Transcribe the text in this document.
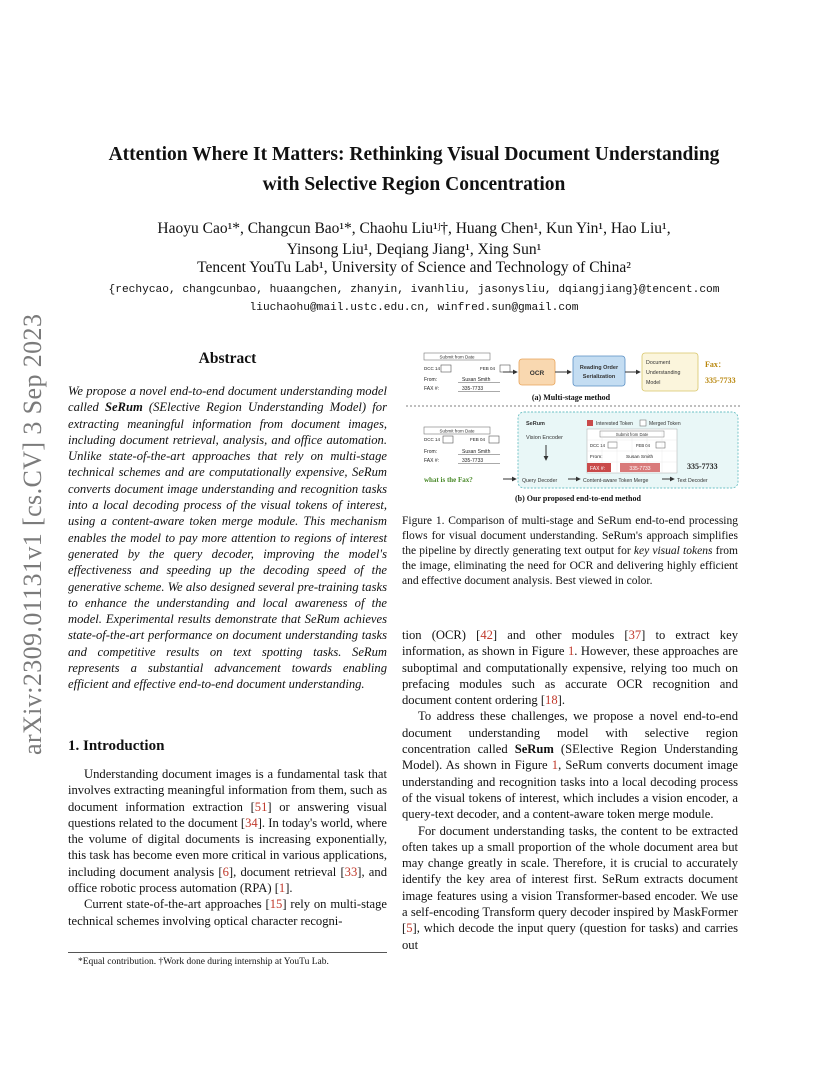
Attention Where It Matters: Rethinking Visual Document Understanding
with Selective Region Concentration
Haoyu Cao¹*, Changcun Bao¹*, Chaohu Liu¹ʲ†, Huang Chen¹, Kun Yin¹, Hao Liu¹,
Yinsong Liu¹, Deqiang Jiang¹, Xing Sun¹
Tencent YouTu Lab¹, University of Science and Technology of China²
{rechycao, changcunbao, huaangchen, zhanyin, ivanhliu, jasonysliu, dqiangjiang}@tencent.com
liuchaohu@mail.ustc.edu.cn, winfred.sun@gmail.com
arXiv:2309.01131v1 [cs.CV] 3 Sep 2023	Abstract
We propose a novel end-to-end document understanding model called SeRum (SElective Region Understanding Model) for extracting meaningful information from document images, including document retrieval, analysis, and office automation. Unlike state-of-the-art approaches that rely on multi-stage technical schemes and are computationally expensive, SeRum converts document image understanding and recognition tasks into a local decoding process of the visual tokens of interest, using a content-aware token merge module. This mechanism enables the model to pay more attention to regions of interest generated by the query decoder, improving the model's effectiveness and speeding up the decoding speed of the generative scheme. We also designed several pre-training tasks to enhance the understanding and local awareness of the model. Experimental results demonstrate that SeRum achieves state-of-the-art performance on document understanding tasks and competitive results on text spotting tasks. SeRum represents a substantial advancement towards enabling efficient and effective end-to-end document understanding.
1. Introduction

Understanding document images is a fundamental task that involves extracting meaningful information from them, such as document information extraction [51] or answering visual questions related to the document [34]. In today's world, where the volume of digital documents is increasing exponentially, this task has become even more critical in various applications, including document analysis [6], document retrieval [33], and office robotic process automation (RPA) [1].

Current state-of-the-art approaches [15] rely on multi-stage technical schemes involving optical character recogni-

*Equal contribution. †Work done during internship at YouTu Lab.
Submit from Date
DCC 14	FEB 04
From:	Susan Smith
FAX #:	335-7733
OCR
Reading Order
Serialization
Document
Understanding
Model
Fax：
335-7733
(a) Multi-stage method
Submit from Date
DCC 14	FEB 04
From:	Susan Smith
FAX #:	335-7733
what is the Fax?
SeRum	Interested Token	Merged Token
Vision Encoder
Submit from Date
DCC 14	FEB 04
From:	Susan Smith
FAX #:	335-7733	335-7733
Query Decoder	Content-aware Token Merge	Text Decoder
(b) Our proposed end-to-end method
Figure 1. Comparison of multi-stage and SeRum end-to-end processing flows for visual document understanding. SeRum's approach simplifies the pipeline by directly generating text output for key visual tokens from the image, eliminating the need for OCR and delivering highly efficient and effective document analysis. Best viewed in color.

tion (OCR) [42] and other modules [37] to extract key information, as shown in Figure 1. However, these approaches are suboptimal and computationally expensive, relying too much on prefacing modules such as accurate OCR recognition and document content ordering [18].

To address these challenges, we propose a novel end-to-end document understanding model with selective region concentration called SeRum (SElective Region Understanding Model). As shown in Figure 1, SeRum converts document image understanding and recognition tasks into a local decoding process of the visual tokens of interest, which includes a vision encoder, a query-text decoder, and a content-aware token merge module.

For document understanding tasks, the content to be extracted often takes up a small proportion of the whole document area but may change greatly in scale. Therefore, it is crucial to accurately identify the key area of interest first. SeRum extracts document image features using a vision Transformer-based encoder. We use a self-encoding Transform query decoder inspired by MaskFormer [5], which decode the input query (question for tasks) and carries out
